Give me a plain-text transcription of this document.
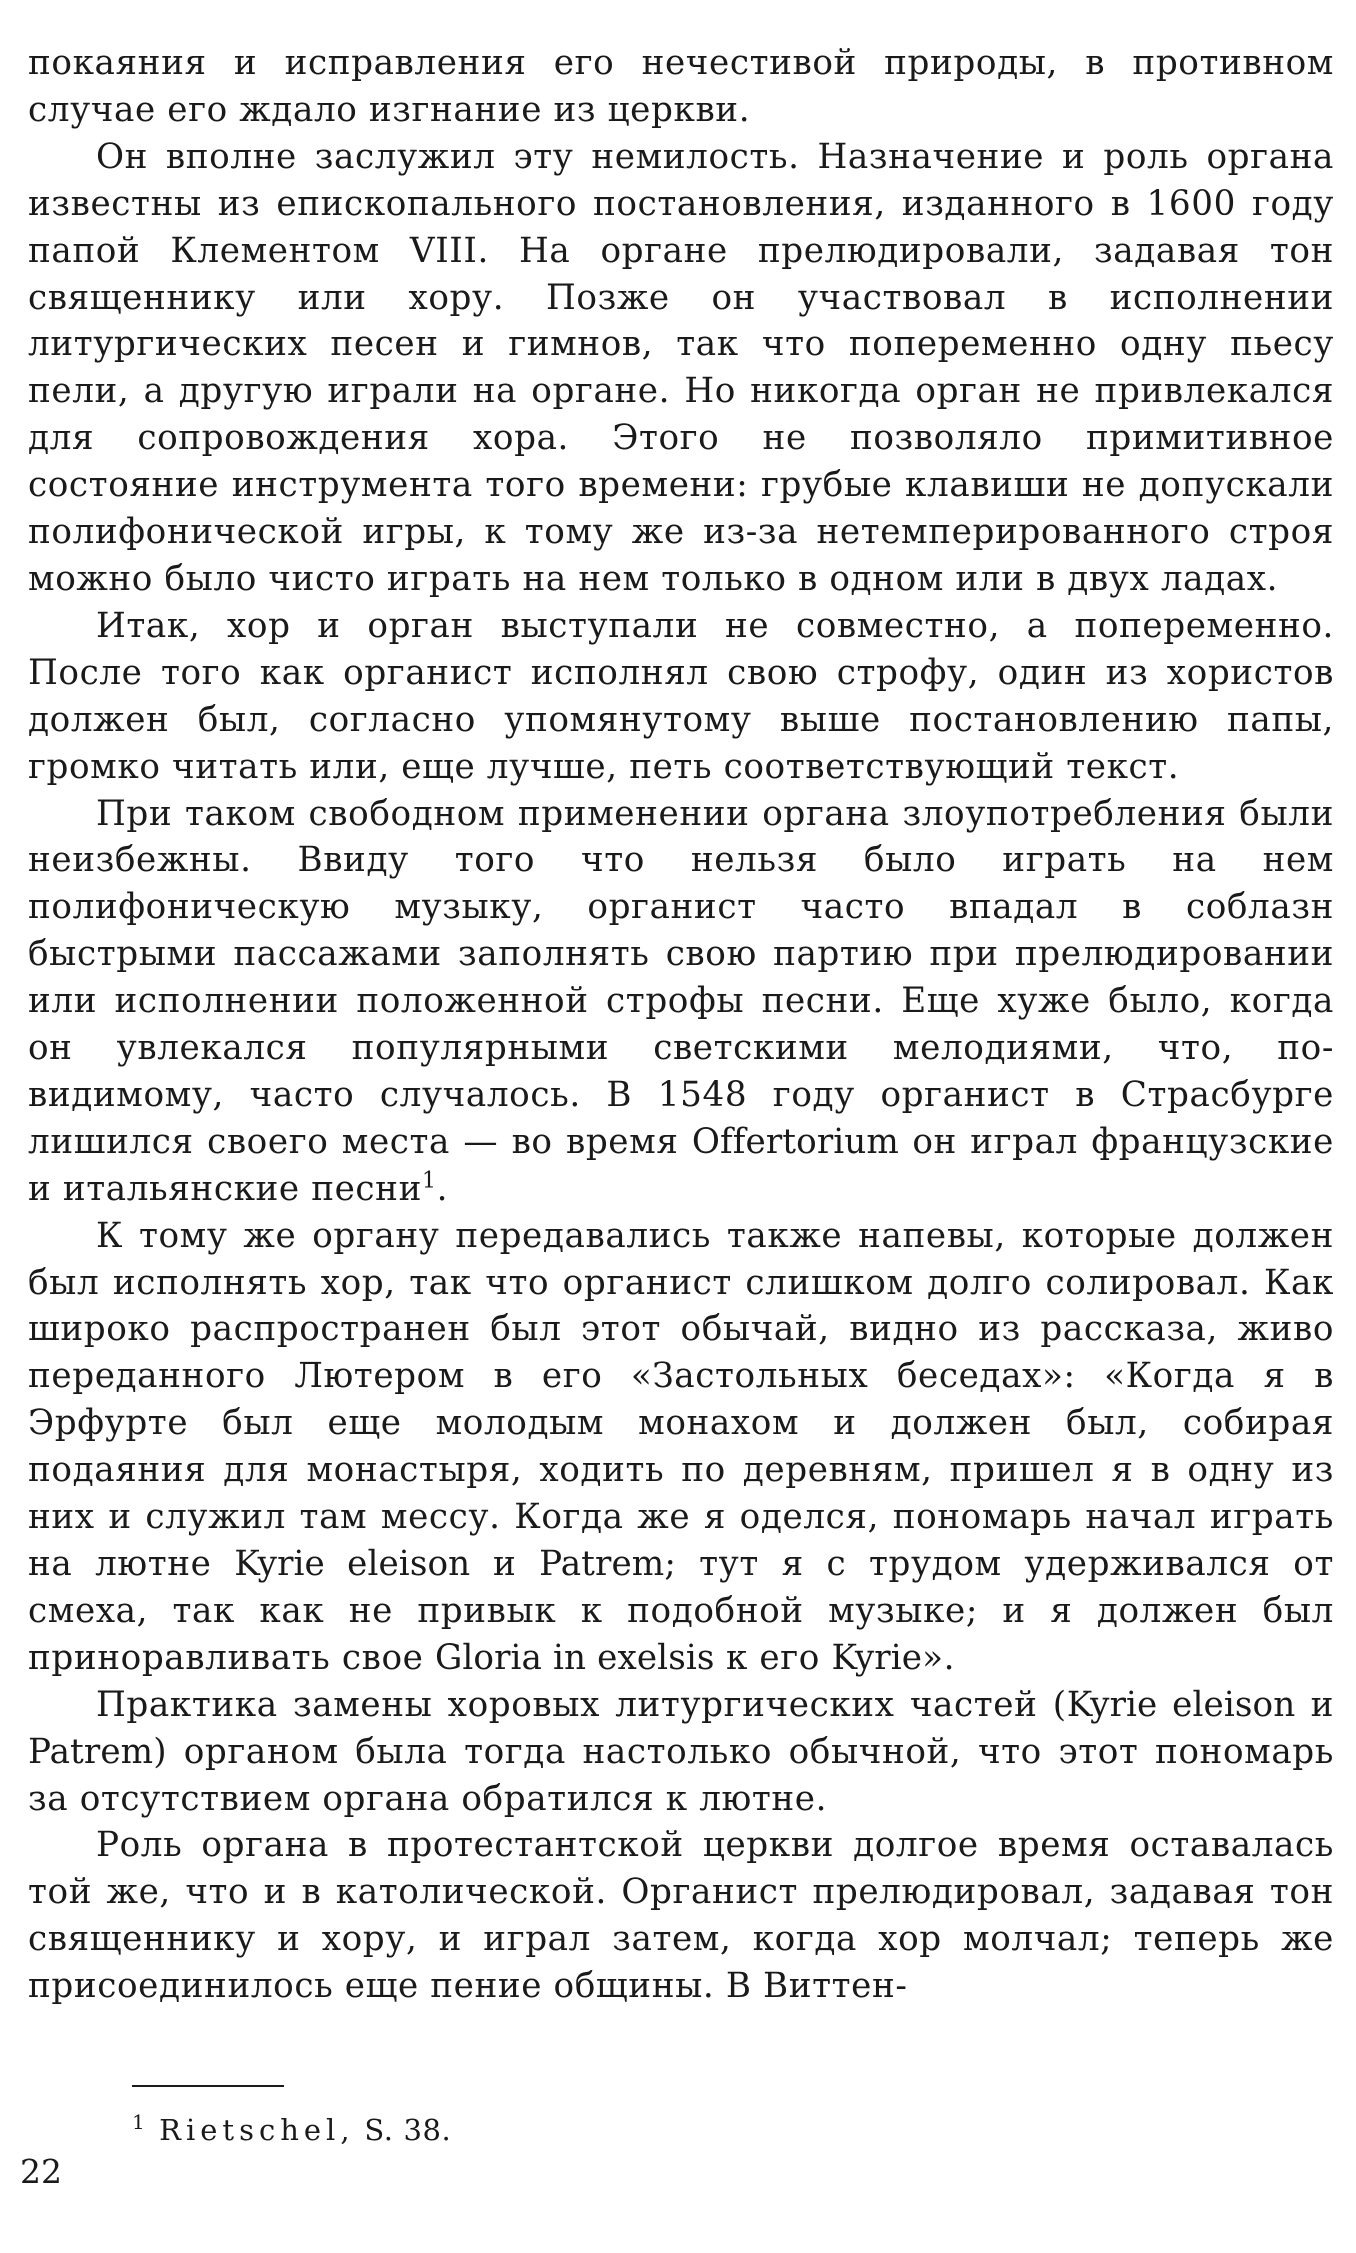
покаяния и исправления его нечестивой природы, в противном случае его ждало изгнание из церкви.

Он вполне заслужил эту немилость. Назначение и роль органа известны из епископального постановления, изданного в 1600 году папой Клементом VIII. На органе прелюдировали, задавая тон священнику или хору. Позже он участвовал в исполнении литургических песен и гимнов, так что попеременно одну пьесу пели, а другую играли на органе. Но никогда орган не привлекался для сопровождения хора. Этого не позволяло примитивное состояние инструмента того времени: грубые клавиши не допускали полифонической игры, к тому же из-за нетемперированного строя можно было чисто играть на нем только в одном или в двух ладах.

Итак, хор и орган выступали не совместно, а попеременно. После того как органист исполнял свою строфу, один из хористов должен был, согласно упомянутому выше постановлению папы, громко читать или, еще лучше, петь соответствующий текст.

При таком свободном применении органа злоупотребления были неизбежны. Ввиду того что нельзя было играть на нем полифоническую музыку, органист часто впадал в соблазн быстрыми пассажами заполнять свою партию при прелюдировании или исполнении положенной строфы песни. Еще хуже было, когда он увлекался популярными светскими мелодиями, что, по-видимому, часто случалось. В 1548 году органист в Страсбурге лишился своего места — во время Offertorium он играл французские и итальянские песни$^1$.

К тому же органу передавались также напевы, которые должен был исполнять хор, так что органист слишком долго солировал. Как широко распространен был этот обычай, видно из рассказа, живо переданного Лютером в его «Застольных беседах»: «Когда я в Эрфурте был еще молодым монахом и должен был, собирая подаяния для монастыря, ходить по деревням, пришел я в одну из них и служил там мессу. Когда же я оделся, пономарь начал играть на лютне Kyrie eleison и Patrem; тут я с трудом удерживался от смеха, так как не привык к подобной музыке; и я должен был приноравливать свое Gloria in exelsis к его Kyrie».

Практика замены хоровых литургических частей (Kyrie eleison и Patrem) органом была тогда настолько обычной, что этот пономарь за отсутствием органа обратился к лютне.

Роль органа в протестантской церкви долгое время оставалась той же, что и в католической. Органист прелюдировал, задавая тон священнику и хору, и играл затем, когда хор молчал; теперь же присоединилось еще пение общины. В Виттен-

$^1$ Rietschel, S. 38.
22
